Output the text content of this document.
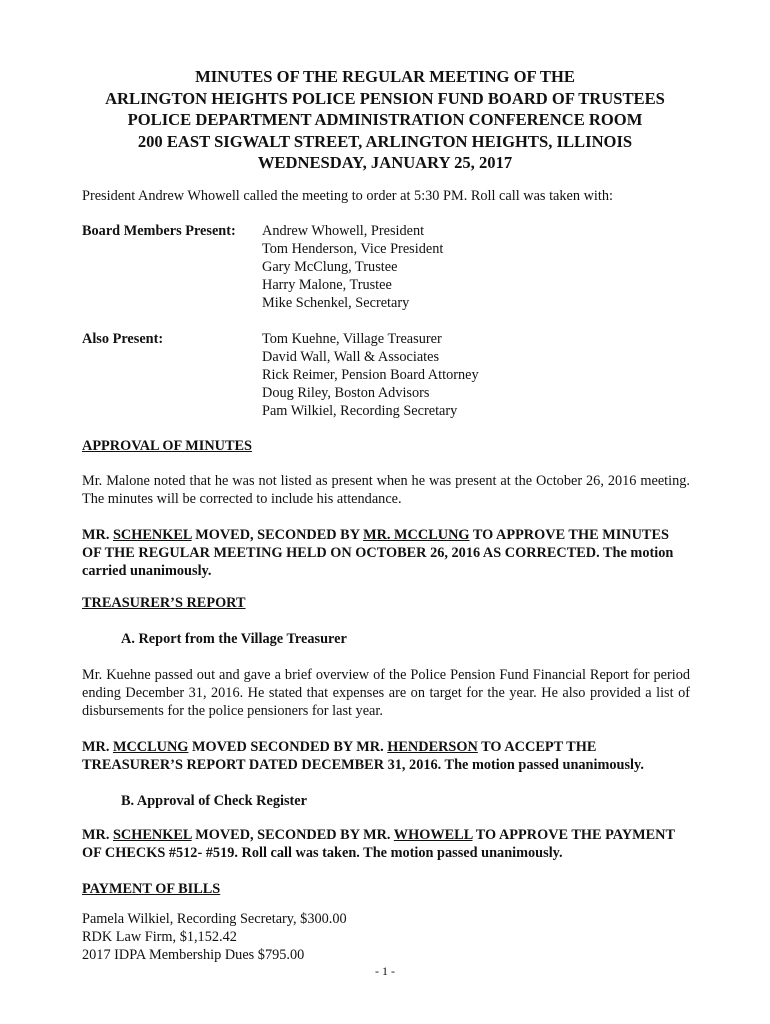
MINUTES OF THE REGULAR MEETING OF THE
ARLINGTON HEIGHTS POLICE PENSION FUND BOARD OF TRUSTEES
POLICE DEPARTMENT ADMINISTRATION CONFERENCE ROOM
200 EAST SIGWALT STREET, ARLINGTON HEIGHTS, ILLINOIS
WEDNESDAY, JANUARY 25, 2017
President Andrew Whowell called the meeting to order at 5:30 PM. Roll call was taken with:
Board Members Present: Andrew Whowell, President
Tom Henderson, Vice President
Gary McClung, Trustee
Harry Malone, Trustee
Mike Schenkel, Secretary
Also Present:	Tom Kuehne, Village Treasurer
David Wall, Wall & Associates
Rick Reimer, Pension Board Attorney
Doug Riley, Boston Advisors
Pam Wilkiel, Recording Secretary
APPROVAL OF MINUTES
Mr. Malone noted that he was not listed as present when he was present at the October 26, 2016 meeting. The minutes will be corrected to include his attendance.
MR. SCHENKEL MOVED, SECONDED BY MR. MCCLUNG TO APPROVE THE MINUTES OF THE REGULAR MEETING HELD ON OCTOBER 26, 2016 AS CORRECTED. The motion carried unanimously.
TREASURER’S REPORT
A. Report from the Village Treasurer
Mr. Kuehne passed out and gave a brief overview of the Police Pension Fund Financial Report for period ending December 31, 2016. He stated that expenses are on target for the year. He also provided a list of disbursements for the police pensioners for last year.
MR. MCCLUNG MOVED SECONDED BY MR. HENDERSON TO ACCEPT THE TREASURER’S REPORT DATED DECEMBER 31, 2016. The motion passed unanimously.
B. Approval of Check Register
MR. SCHENKEL MOVED, SECONDED BY MR. WHOWELL TO APPROVE THE PAYMENT OF CHECKS #512- #519. Roll call was taken. The motion passed unanimously.
PAYMENT OF BILLS
Pamela Wilkiel, Recording Secretary, $300.00
RDK Law Firm, $1,152.42
2017 IDPA Membership Dues $795.00
- 1 -
